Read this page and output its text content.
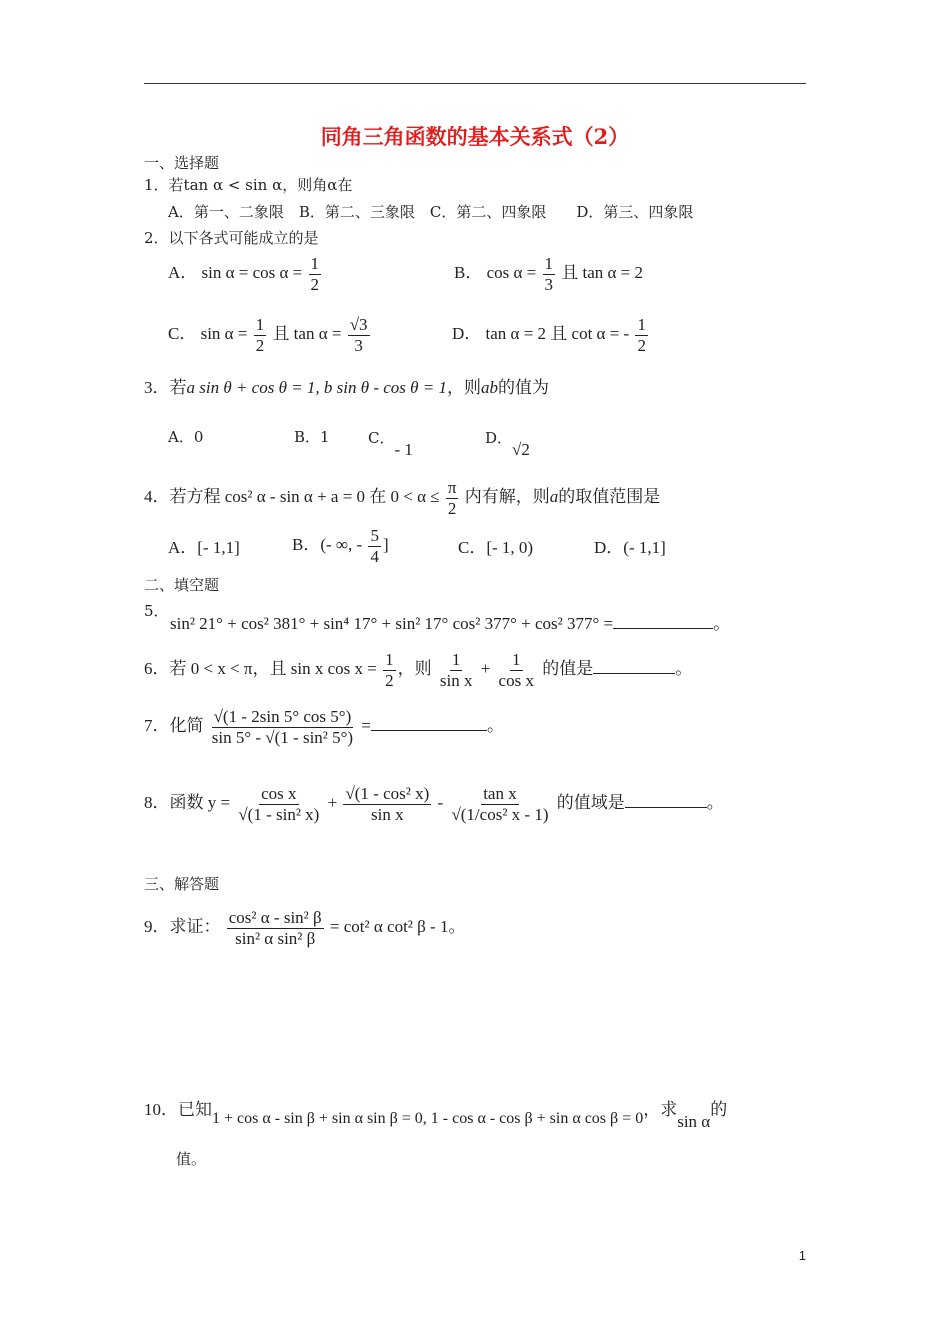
同角三角函数的基本关系式（2）
一、选择题
1．若tan α < sin α，则角α在
A．第一、二象限　B．第二、三象限　C．第二、四象限　　D．第三、四象限
2．以下各式可能成立的是
A． $\sin \alpha = \cos \alpha = \frac{1}{2}$	B． $\cos \alpha = \frac{1}{3}$ 且 tan α = 2
C． $\sin \alpha = \frac{1}{2}$ 且 $\tan \alpha = \frac{√3}{3}$	D． tan α = 2 且 cot α = - $\frac{1}{2}$
3．若a sin θ + cos θ = 1, b sin θ - cos θ = 1，则ab的值为
A．0	B．1	C．- 1
D．√2
4．若方程 cos² α - sin α + a = 0 在 $0 < \alpha \le \frac{\pi}{2}$ 内有解，则a的取值范围是
A．[- 1,1]	B．(- ∞, - $\frac{5}{4}$ ]	C．[- 1, 0)	D．(- 1,1]
二、填空题
5．
sin² 21° + cos² 381° + sin⁴ 17° + sin² 17° cos² 377° + cos² 377° =	。
6．若 0 < x < π，且 sin x $\cos x = \frac{1}{2}$ ，则 $\frac{1}{\text{sin x}} + \frac{1}{\text{cos x}}$ 的值是	。
7．化简 $\frac{√(1 - 2\sin 5^\circ \cos 5^\circ)}{\text{sin 5° - √(1 - sin² 5°)}}$ =	。
8．函数 $y = \frac{\text{cos x}}{\text{√(1 - sin² x)}} + \frac{\text{√(1 - cos² x)}}{\text{sin x}} - \frac{\text{tan x}}{\text{√(1/cos² x - 1)}}$ 的值域是	。
三、解答题
9．求证： $\frac{\text{cos² α - sin² β}}{\text{sin² α sin² β}} = \cot^2$ α cot² β - 1。
10．已知1 + cos α - sin β + sin α sin β = 0, 1 - cos α - cos β + sin α cos β = 0，求sin α的
值。
1
